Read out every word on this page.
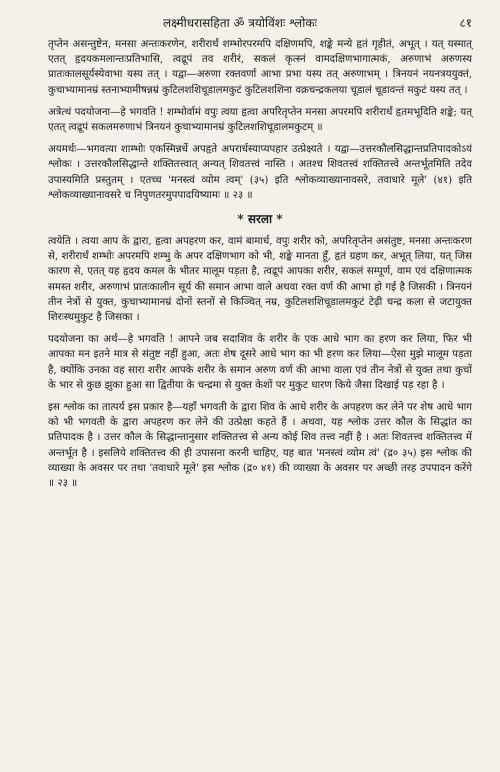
लक्ष्मीधरासहिता ॐ त्रयोविंशः श्लोकः	८१

तृप्तेन असन्तुष्टेन, मनसा अन्तःकरणेन, शरीरार्धं शम्भोरपरमपि दक्षिणमपि, शङ्के मन्ये हृतं गृहीतं, अभूत् । यत् यस्मात् एतत् हृदयकमलान्तःप्रतिभासि, त्वद्रूपं तव शरीरं, सकलं कृत्स्नं वामदक्षिणभागात्मकं, अरुणाभं अरुणस्य प्रातःकालसूर्यस्येवाभा यस्य तत् । यद्वा—अरुणा रक्तवर्णा आभा प्रभा यस्य तत् अरुणाभम् । त्रिनयनं नयनत्रययुक्तं, कुचाभ्यामानम्रं स्तनाभ्यामीषन्नम्रं कुटिलशशिचूडालमकुटं कुटिलशशिना वक्रचन्द्रकलया चूडालं चूडावन्तं मकुटं यस्य तत् ।

अत्रेत्थं पदयोजना—हे भगवति ! शम्भोर्वामं वपुः त्वया हृत्वा अपरितृप्तेन मनसा अपरमपि शरीरार्धं हृतमभूदिति शङ्के; यत् एतत् त्वद्रूपं सकलमरुणाभं त्रिनयनं कुचाभ्यामानम्रं कुटिलशशिचूडालमकुटम् ॥

अयमर्थः—भगवत्या शाम्भोः एकस्मिन्नर्धे अपहृते अपरार्धस्याप्यपहार उत्प्रेक्ष्यते । यद्वा—उत्तरकौलसिद्धान्तप्रतिपादकोऽयं श्लोकः । उत्तरकौलसिद्धान्ते शक्तितत्त्वात् अन्यत् शिवतत्त्वं नास्ति । अतश्च शिवतत्त्वं शक्तितत्त्वे अन्तर्भूतमिति तदेव उपास्यमिति प्रस्तुतम् । एतच्च 'मनस्त्वं व्योम त्वम्' (३५) इति श्लोकव्याख्यानावसरे, तवाधारे मूले' (४१) इति श्लोकव्याख्यानावसरे च निपुणतरमुपपादयिष्यामः ॥ २३ ॥

* सरला *

त्वयेति । त्वया आप के द्वारा, हृत्वा अपहरण कर, वामं बामार्ध, वपुः शरीर को, अपरितृप्तेन असंतुष्ट, मनसा अन्तःकरण से, शरीरार्धं शम्भोः अपरमपि शम्भु के अपर दक्षिणभाग को भी, शङ्के मानता हूँ, हृतं ग्रहण कर, अभूत् लिया, यत् जिस कारण से, एतत् यह हृदय कमल के भीतर मालूम पड़ता है, त्वद्रूपं आपका शरीर, सकलं सम्पूर्ण, वाम एवं दक्षिणात्मक समस्त शरीर, अरुणाभं प्रातःकालीन सूर्य की समान आभा वाले अथवा रक्त वर्ण की आभा हो गई है जिसकी । त्रिनयनं तीन नेत्रों से युक्त, कुचाभ्यामानम्रं दोनों स्तनों से किञ्चित् नम्र, कुटिलशशिचूडालमकुटं टेढ़ी चन्द्र कला से जटायुक्त शिरःस्थमुकुट है जिसका ।

पदयोजना का अर्थ—हे भगवति ! आपने जब सदाशिव के शरीर के एक आधे भाग का हरण कर लिया, फिर भी आपका मन इतने मात्र से संतुष्ट नहीं हुआ, अतः शेष दूसरे आधे भाग का भी हरण कर लिया—ऐसा मुझे मालूम पड़ता है, क्योंकि उनका वह सारा शरीर आपके शरीर के समान अरुण वर्ण की आभा वाला एवं तीन नेत्रों से युक्त तथा कुचों के भार से कुछ झुका हुआ सा द्वितीया के चन्द्रमा से युक्त केशों पर मुकुट धारण किये जैसा दिखाई पड़ रहा है ।

इस श्लोक का तात्पर्य इस प्रकार है—यहाँ भगवती के द्वारा शिव के आधे शरीर के अपहरण कर लेने पर शेष आधे भाग को भी भगवती के द्वारा अपहरण कर लेने की उत्प्रेक्षा कहते हैं । अथवा, यह श्लोक उत्तर कौल के सिद्धांत का प्रतिपादक है । उत्तर कौल के सिद्धान्तानुसार शक्तितत्त्व से अन्य कोई शिव तत्त्व नहीं है । अतः शिवतत्त्व शक्तितत्त्व में अन्तर्भूत है । इसलिये शक्तितत्त्व की ही उपासना करनी चाहिए, यह बात 'मनस्त्वं व्योम त्वं' (द्र० ३५) इस श्लोक की व्याख्या के अवसर पर तथा 'तवाधारे मूले' इस श्लोक (द्र० ४१) की व्याख्या के अवसर पर अच्छी तरह उपपादन करेंगे ॥ २३ ॥
